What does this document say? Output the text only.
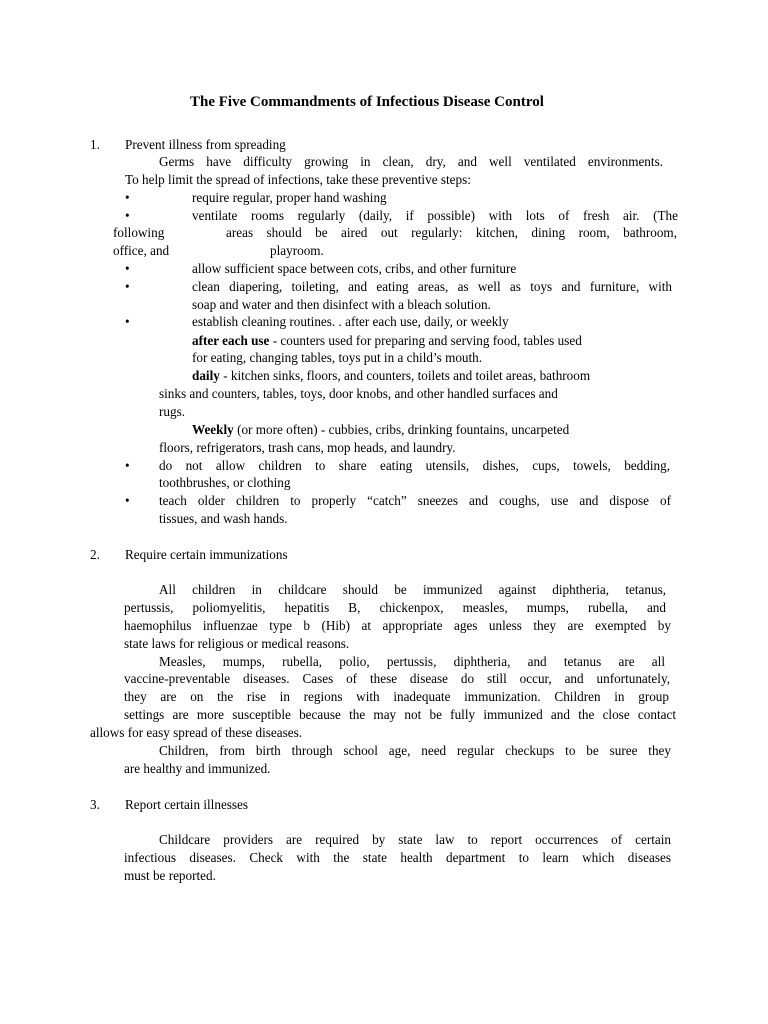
The Five Commandments of Infectious Disease Control
1. Prevent illness from spreading
Germs have difficulty growing in clean, dry, and well ventilated environments.
To help limit the spread of infections, take these preventive steps:
•	require regular, proper hand washing
•	ventilate rooms regularly (daily, if possible) with lots of fresh air. (The
following	areas should be aired out regularly: kitchen, dining room, bathroom,
office, and	playroom.
•	allow sufficient space between cots, cribs, and other furniture
•	clean diapering, toileting, and eating areas, as well as toys and furniture, with
soap and water and then disinfect with a bleach solution.
•	establish cleaning routines. . after each use, daily, or weekly
after each use - counters used for preparing and serving food, tables used
for eating, changing tables, toys put in a child’s mouth.
daily - kitchen sinks, floors, and counters, toilets and toilet areas, bathroom
sinks and counters, tables, toys, door knobs, and other handled surfaces and
rugs.
Weekly (or more often) - cubbies, cribs, drinking fountains, uncarpeted
floors, refrigerators, trash cans, mop heads, and laundry.
• do not allow children to share eating utensils, dishes, cups, towels, bedding,
toothbrushes, or clothing
• teach older children to properly “catch” sneezes and coughs, use and dispose of
tissues, and wash hands.
2. Require certain immunizations
All children in childcare should be immunized against diphtheria, tetanus,
pertussis, poliomyelitis, hepatitis B, chickenpox, measles, mumps, rubella, and
haemophilus influenzae type b (Hib) at appropriate ages unless they are exempted by
state laws for religious or medical reasons.
Measles, mumps, rubella, polio, pertussis, diphtheria, and tetanus are all
vaccine-preventable diseases. Cases of these disease do still occur, and unfortunately,
they are on the rise in regions with inadequate immunization. Children in group
settings are more susceptible because the may not be fully immunized and the close contact
allows for easy spread of these diseases.
Children, from birth through school age, need regular checkups to be suree they
are healthy and immunized.
3. Report certain illnesses
Childcare providers are required by state law to report occurrences of certain
infectious diseases. Check with the state health department to learn which diseases
must be reported.
